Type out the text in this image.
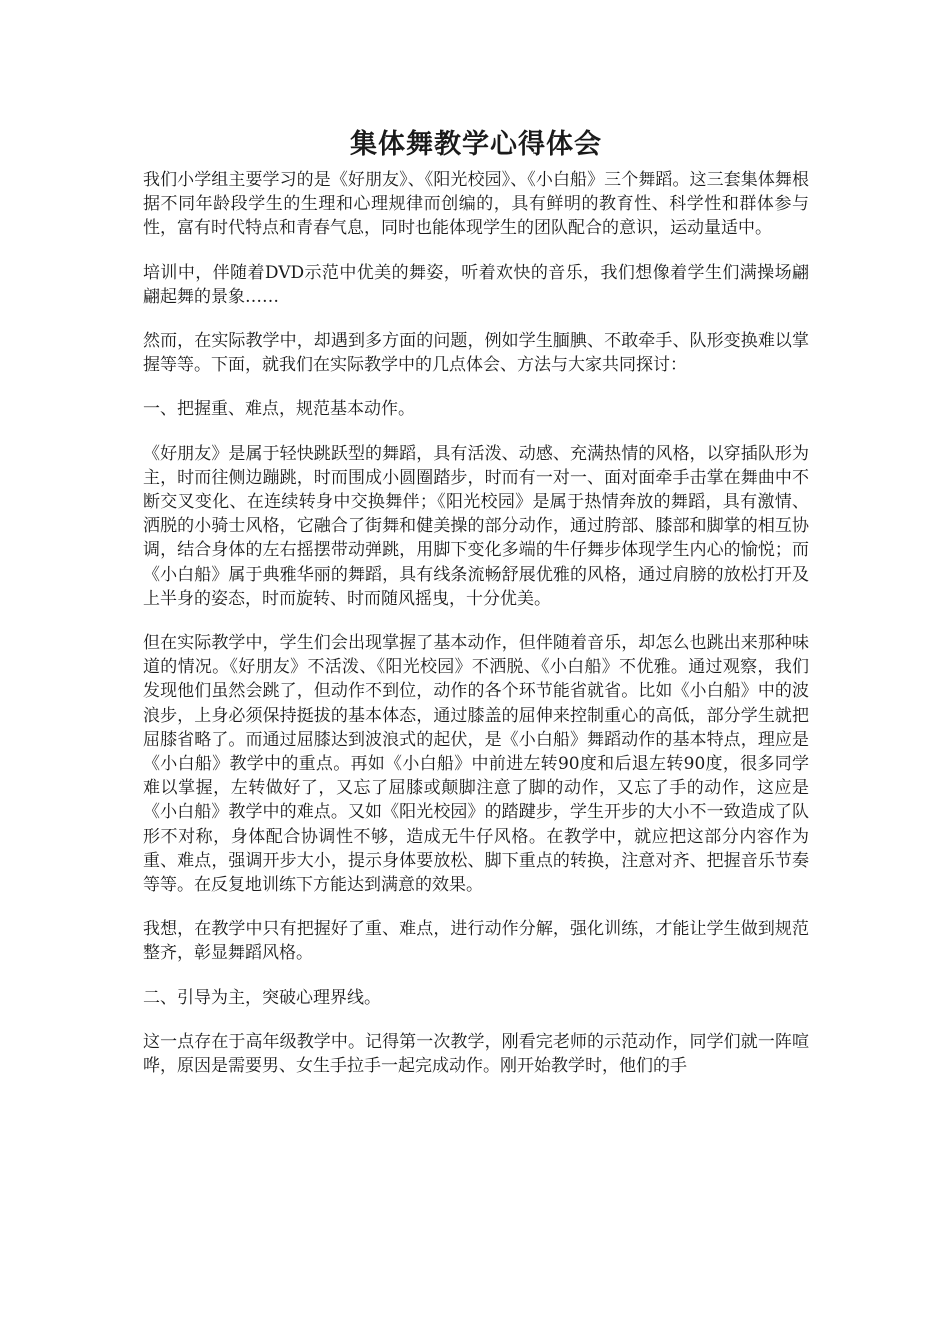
集体舞教学心得体会

我们小学组主要学习的是《好朋友》、《阳光校园》、《小白船》三个舞蹈。这三套集体舞根据不同年龄段学生的生理和心理规律而创编的，具有鲜明的教育性、科学性和群体参与性，富有时代特点和青春气息，同时也能体现学生的团队配合的意识，运动量适中。

培训中，伴随着DVD示范中优美的舞姿，听着欢快的音乐，我们想像着学生们满操场翩翩起舞的景象……

然而，在实际教学中，却遇到多方面的问题，例如学生腼腆、不敢牵手、队形变换难以掌握等等。下面，就我们在实际教学中的几点体会、方法与大家共同探讨：

一、把握重、难点，规范基本动作。

《好朋友》是属于轻快跳跃型的舞蹈，具有活泼、动感、充满热情的风格，以穿插队形为主，时而往侧边蹦跳，时而围成小圆圈踏步，时而有一对一、面对面牵手击掌在舞曲中不断交叉变化、在连续转身中交换舞伴；《阳光校园》是属于热情奔放的舞蹈，具有激情、洒脱的小骑士风格，它融合了街舞和健美操的部分动作，通过胯部、膝部和脚掌的相互协调，结合身体的左右摇摆带动弹跳，用脚下变化多端的牛仔舞步体现学生内心的愉悦；而《小白船》属于典雅华丽的舞蹈，具有线条流畅舒展优雅的风格，通过肩膀的放松打开及上半身的姿态，时而旋转、时而随风摇曳，十分优美。

但在实际教学中，学生们会出现掌握了基本动作，但伴随着音乐，却怎么也跳出来那种味道的情况。《好朋友》不活泼、《阳光校园》不洒脱、《小白船》不优雅。通过观察，我们发现他们虽然会跳了，但动作不到位，动作的各个环节能省就省。比如《小白船》中的波浪步，上身必须保持挺拔的基本体态，通过膝盖的屈伸来控制重心的高低，部分学生就把屈膝省略了。而通过屈膝达到波浪式的起伏，是《小白船》舞蹈动作的基本特点，理应是《小白船》教学中的重点。再如《小白船》中前进左转90度和后退左转90度，很多同学难以掌握，左转做好了，又忘了屈膝或颠脚注意了脚的动作，又忘了手的动作，这应是《小白船》教学中的难点。又如《阳光校园》的踏踺步，学生开步的大小不一致造成了队形不对称，身体配合协调性不够，造成无牛仔风格。在教学中，就应把这部分内容作为重、难点，强调开步大小，提示身体要放松、脚下重点的转换，注意对齐、把握音乐节奏等等。在反复地训练下方能达到满意的效果。

我想，在教学中只有把握好了重、难点，进行动作分解，强化训练，才能让学生做到规范整齐，彰显舞蹈风格。

二、引导为主，突破心理界线。

这一点存在于高年级教学中。记得第一次教学，刚看完老师的示范动作，同学们就一阵喧哗，原因是需要男、女生手拉手一起完成动作。刚开始教学时，他们的手
